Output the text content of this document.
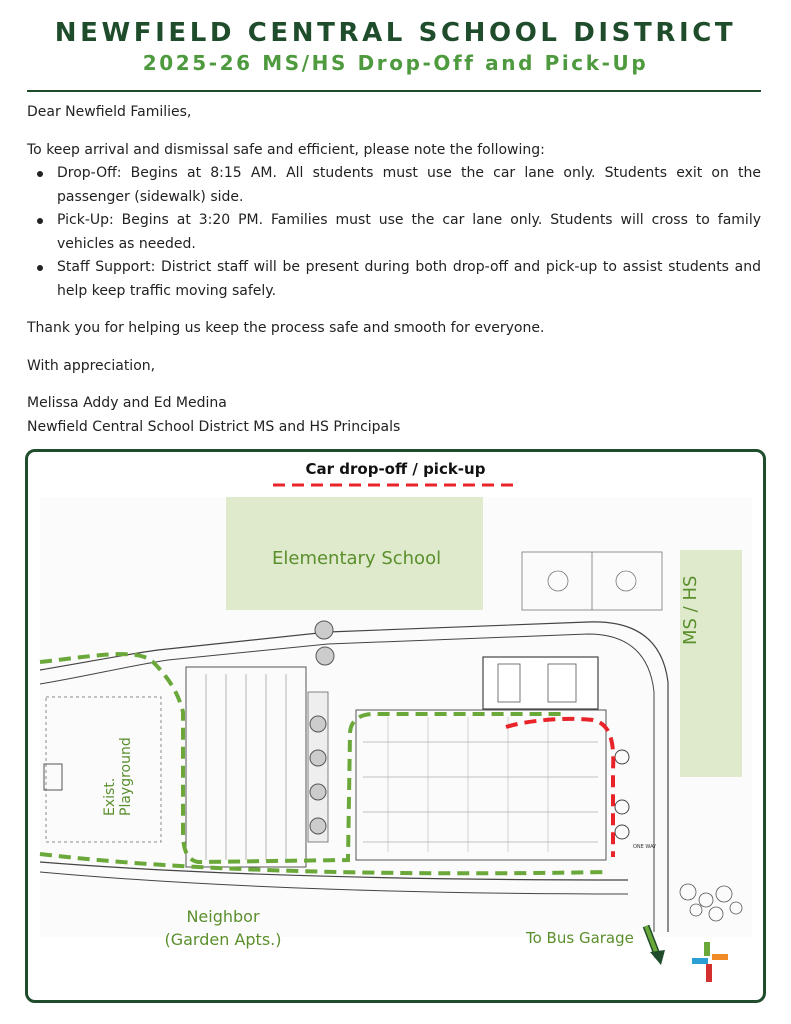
NEWFIELD CENTRAL SCHOOL DISTRICT
2025-26 MS/HS Drop-Off and Pick-Up

Dear Newfield Families,

To keep arrival and dismissal safe and efficient, please note the following:

Drop-Off: Begins at 8:15 AM. All students must use the car lane only. Students exit on the passenger (sidewalk) side.
Pick-Up: Begins at 3:20 PM. Families must use the car lane only. Students will cross to family vehicles as needed.
Staff Support: District staff will be present during both drop-off and pick-up to assist students and help keep traffic moving safely.

Thank you for helping us keep the process safe and smooth for everyone.

With appreciation,

Melissa Addy and Ed Medina

Newfield Central School District MS and HS Principals

ONE WAY
Car drop-off / pick-up
Elementary School
MS / HS
Exist. Playground
Neighbor
(Garden Apts.)	To Bus Garage
